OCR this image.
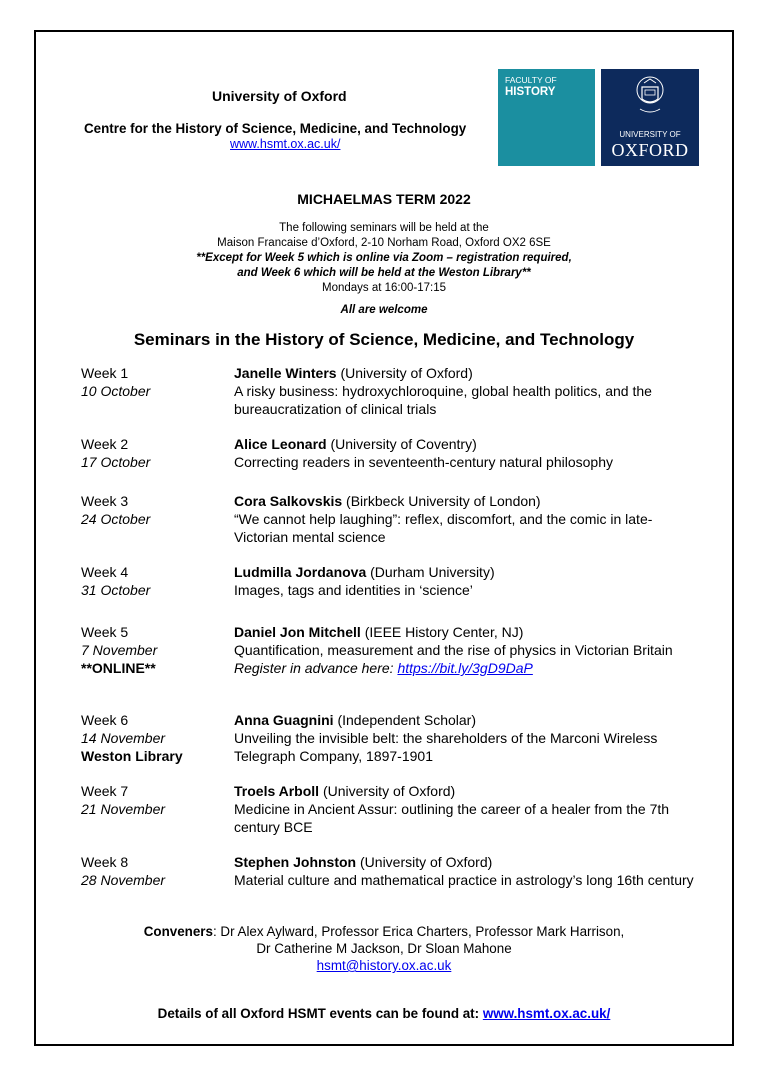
University of Oxford
Centre for the History of Science, Medicine, and Technology
www.hsmt.ox.ac.uk/
FACULTY OF
HISTORY
UNIVERSITY OF
OXFORD
MICHAELMAS TERM 2022
The following seminars will be held at the
Maison Francaise d’Oxford, 2-10 Norham Road, Oxford OX2 6SE
**Except for Week 5 which is online via Zoom – registration required,
and Week 6 which will be held at the Weston Library**
Mondays at 16:00-17:15
All are welcome
Seminars in the History of Science, Medicine, and Technology
Week 1
10 October
Janelle Winters (University of Oxford)
A risky business: hydroxychloroquine, global health politics, and the bureaucratization of clinical trials
Week 2
17 October
Alice Leonard (University of Coventry)
Correcting readers in seventeenth-century natural philosophy
Week 3
24 October
Cora Salkovskis (Birkbeck University of London)
“We cannot help laughing”: reflex, discomfort, and the comic in late-Victorian mental science
Week 4
31 October
Ludmilla Jordanova (Durham University)
Images, tags and identities in ‘science’
Week 5
7 November
**ONLINE**
Daniel Jon Mitchell (IEEE History Center, NJ)
Quantification, measurement and the rise of physics in Victorian Britain
Register in advance here: https://bit.ly/3gD9DaP
Week 6
14 November
Weston Library
Anna Guagnini (Independent Scholar)
Unveiling the invisible belt: the shareholders of the Marconi Wireless Telegraph Company, 1897-1901
Week 7
21 November
Troels Arboll (University of Oxford)
Medicine in Ancient Assur: outlining the career of a healer from the 7th century BCE
Week 8
28 November
Stephen Johnston (University of Oxford)
Material culture and mathematical practice in astrology’s long 16th century
Conveners: Dr Alex Aylward, Professor Erica Charters, Professor Mark Harrison,
Dr Catherine M Jackson, Dr Sloan Mahone
hsmt@history.ox.ac.uk
Details of all Oxford HSMT events can be found at: www.hsmt.ox.ac.uk/
